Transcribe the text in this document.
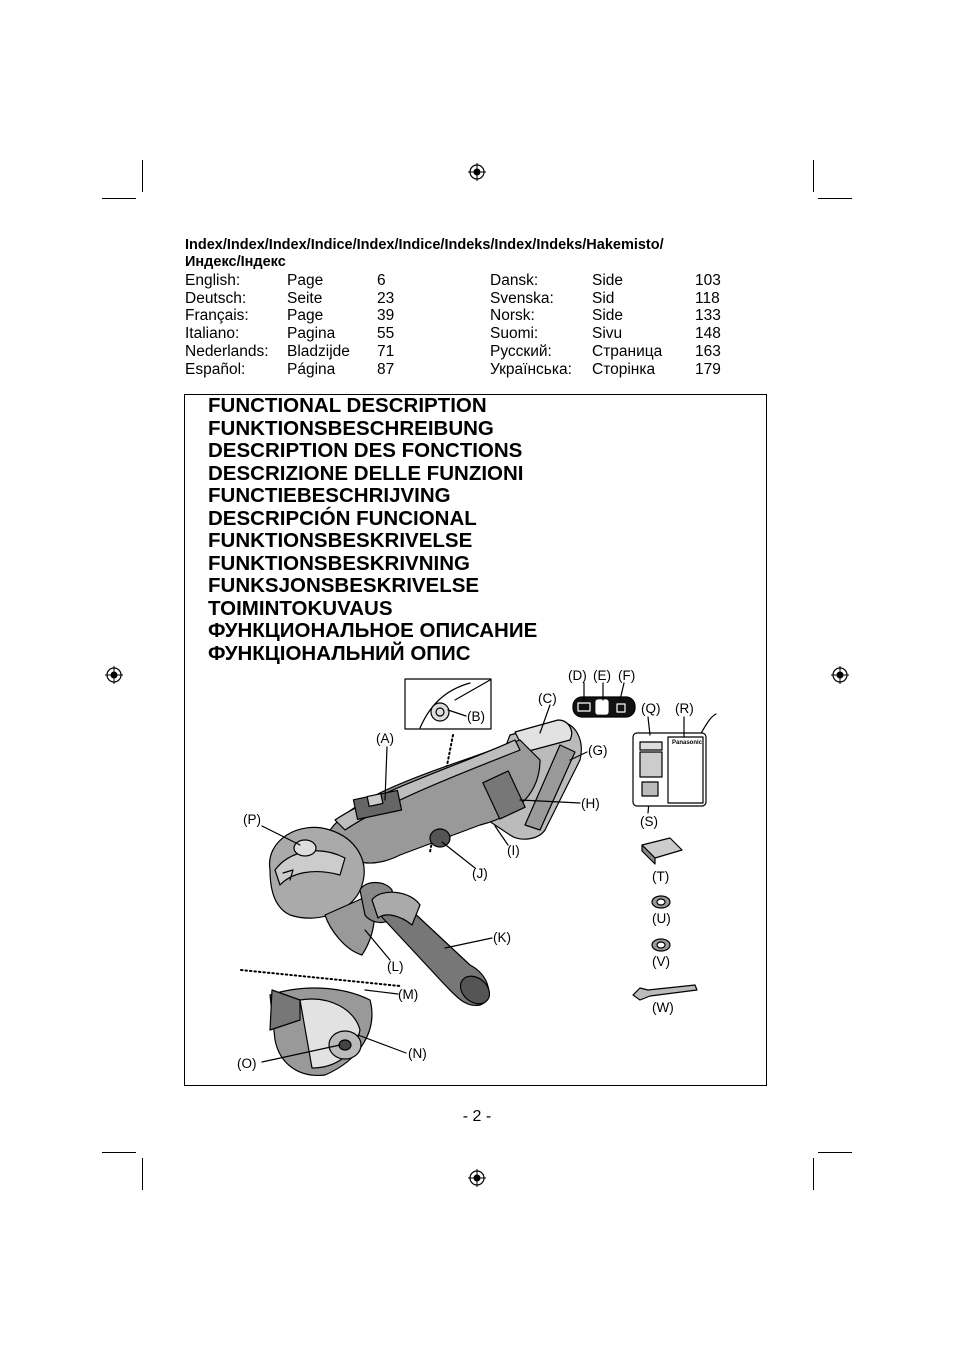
Index/Index/Index/Indice/Index/Indice/Indeks/Index/Indeks/Hakemisto/
Индекс/Індекс
English:	Page	6
Deutsch:	Seite	23
Français: Page	39
Italiano:	Pagina	55
Nederlands: Bladzijde 71
Español:	Página	87
Dansk:	Side	103
Svenska: Sid	118
Norsk:	Side	133
Suomi:	Sivu	148
Русский:	Страница 163
Українська: Сторінка	179
FUNCTIONAL DESCRIPTION
FUNKTIONSBESCHREIBUNG
DESCRIPTION DES FONCTIONS
DESCRIZIONE DELLE FUNZIONI
FUNCTIEBESCHRIJVING
DESCRIPCIÓN FUNCIONAL
FUNKTIONSBESKRIVELSE
FUNKTIONSBESKRIVNING
FUNKSJONSBESKRIVELSE
TOIMINTOKUVAUS
ФУНКЦИОНАЛЬНОЕ ОПИСАНИЕ
ФУНКЦІОНАЛЬНИЙ ОПИС
Panasonic
(A)
(B)
(C)
(D) (E) (F)
(G)
(H)
(I)
(J)
(K)
(L)
(M)
(N)
(O)
(P)
(Q) (R)
(S)
(T)
(U)
(V)
(W)
- 2 -
